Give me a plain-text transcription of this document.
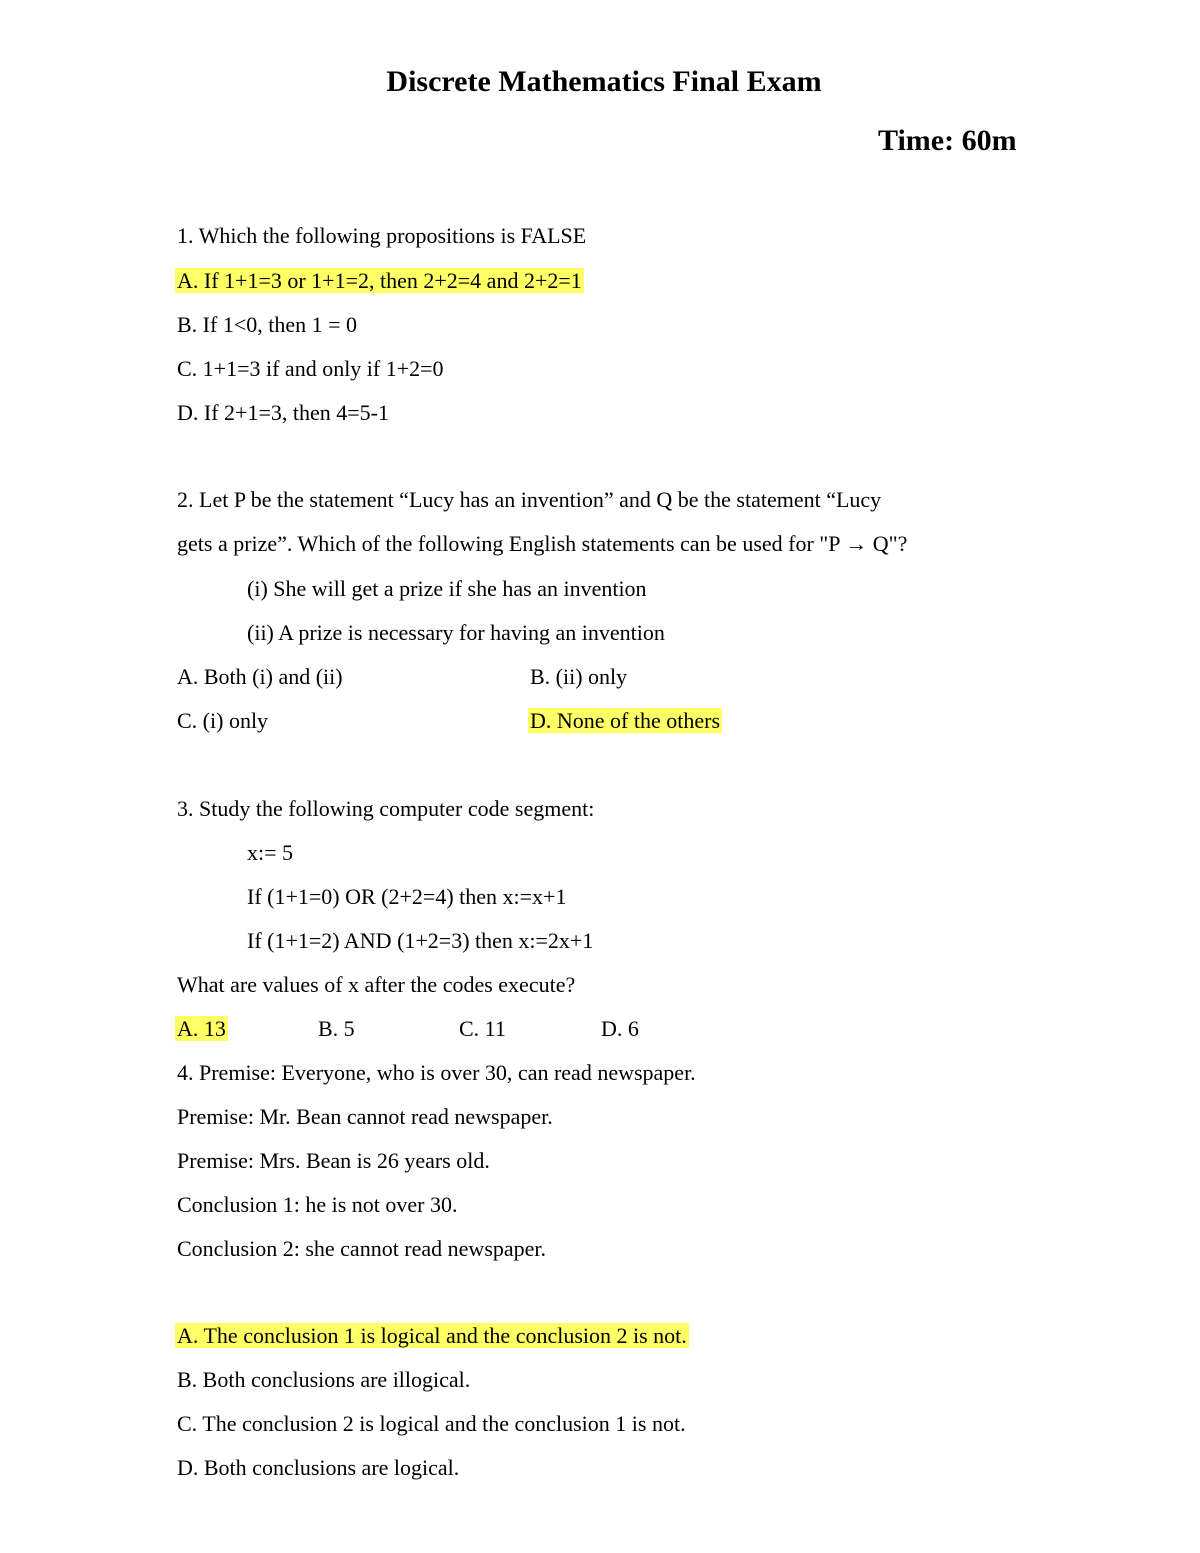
Discrete Mathematics Final Exam
Time: 60m
1. Which the following propositions is FALSE
A. If 1+1=3 or 1+1=2, then 2+2=4 and 2+2=1
B. If 1<0, then 1 = 0
C. 1+1=3 if and only if 1+2=0
D. If 2+1=3, then 4=5-1
2. Let P be the statement “Lucy has an invention” and Q be the statement “Lucy
gets a prize”. Which of the following English statements can be used for "P → Q"?
(i) She will get a prize if she has an invention
(ii) A prize is necessary for having an invention
A. Both (i) and (ii)	B. (ii) only
C. (i) only	D. None of the others
3. Study the following computer code segment:
x:= 5
If (1+1=0) OR (2+2=4) then x:=x+1
If (1+1=2) AND (1+2=3) then x:=2x+1
What are values of x after the codes execute?
A. 13	B. 5	C. 11	D. 6
4. Premise: Everyone, who is over 30, can read newspaper.
Premise: Mr. Bean cannot read newspaper.
Premise: Mrs. Bean is 26 years old.
Conclusion 1: he is not over 30.
Conclusion 2: she cannot read newspaper.
A. The conclusion 1 is logical and the conclusion 2 is not.
B. Both conclusions are illogical.
C. The conclusion 2 is logical and the conclusion 1 is not.
D. Both conclusions are logical.
